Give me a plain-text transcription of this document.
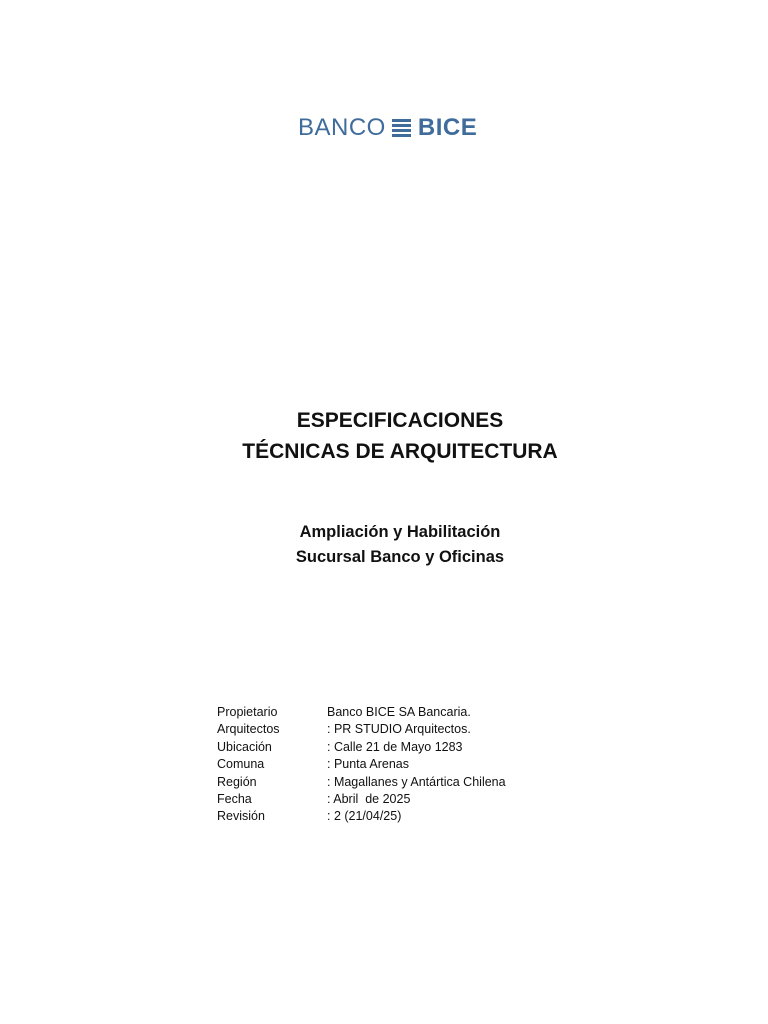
BANCO BICE
ESPECIFICACIONES
TÉCNICAS DE ARQUITECTURA
Ampliación y Habilitación
Sucursal Banco y Oficinas
Propietario	Banco BICE SA Bancaria.
Arquitectos	: PR STUDIO Arquitectos.
Ubicación	: Calle 21 de Mayo 1283
Comuna	: Punta Arenas
Región	: Magallanes y Antártica Chilena
Fecha	: Abril  de 2025
Revisión	: 2 (21/04/25)
